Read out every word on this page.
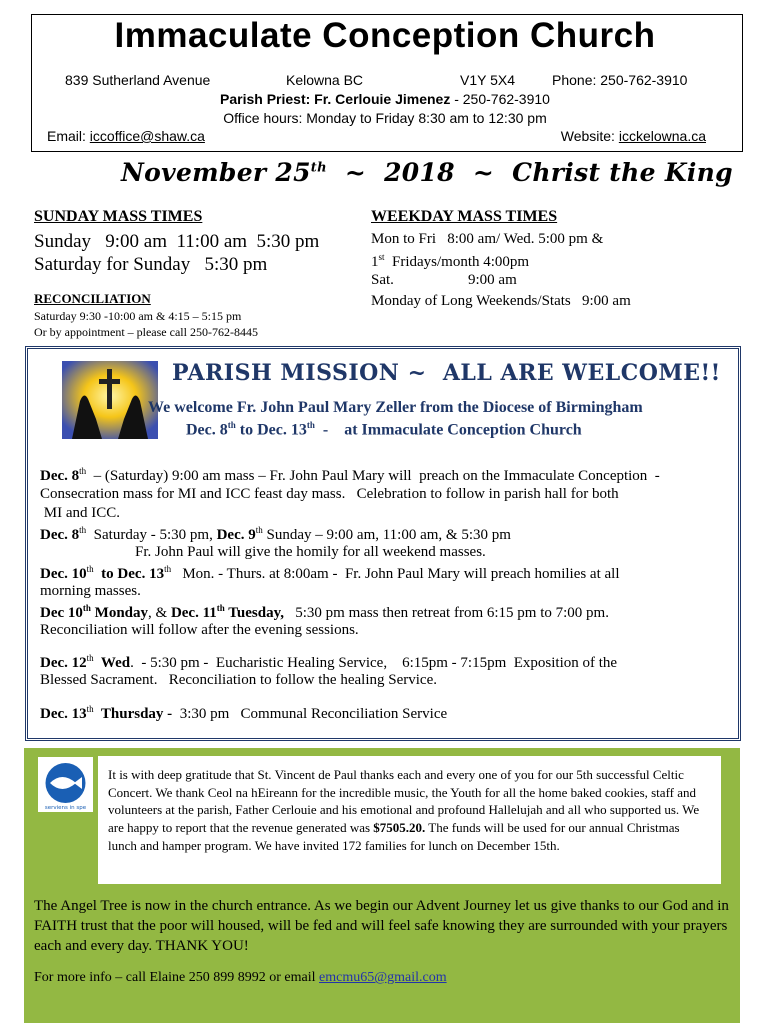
Immaculate Conception Church
839 Sutherland Avenue	Kelowna BC	V1Y 5X4	Phone: 250-762-3910
Parish Priest: Fr. Cerlouie Jimenez - 250-762-3910
Office hours: Monday to Friday 8:30 am to 12:30 pm
Email: iccoffice@shaw.ca	Website: icckelowna.ca
November 25th  ~  2018  ~  Christ the King
SUNDAY MASS TIMES
Sunday   9:00 am  11:00 am  5:30 pm
Saturday for Sunday   5:30 pm
RECONCILIATION
Saturday 9:30 -10:00 am & 4:15 – 5:15 pm
Or by appointment – please call 250-762-8445
WEEKDAY MASS TIMES
Mon to Fri   8:00 am/ Wed. 5:00 pm &
1st  Fridays/month 4:00pm
Sat.	9:00 am
Monday of Long Weekends/Stats   9:00 am
PARISH MISSION ~  ALL ARE WELCOME!!
We welcome Fr. John Paul Mary Zeller from the Diocese of Birmingham
Dec. 8th to Dec. 13th  -    at Immaculate Conception Church
Dec. 8th  – (Saturday) 9:00 am mass – Fr. John Paul Mary will  preach on the Immaculate Conception  -
Consecration mass for MI and ICC feast day mass.   Celebration to follow in parish hall for both
MI and ICC.
Dec. 8th  Saturday - 5:30 pm, Dec. 9th Sunday – 9:00 am, 11:00 am, & 5:30 pm
Fr. John Paul will give the homily for all weekend masses.
Dec. 10th  to Dec. 13th   Mon. - Thurs. at 8:00am -  Fr. John Paul Mary will preach homilies at all
morning masses.
Dec 10th Monday, & Dec. 11th Tuesday,   5:30 pm mass then retreat from 6:15 pm to 7:00 pm.
Reconciliation will follow after the evening sessions.
Dec. 12th  Wed.  - 5:30 pm -  Eucharistic Healing Service,    6:15pm - 7:15pm  Exposition of the
Blessed Sacrament.   Reconciliation to follow the healing Service.
Dec. 13th  Thursday -  3:30 pm   Communal Reconciliation Service
serviens in spe
It is with deep gratitude that St. Vincent de Paul thanks each and every one of you for our 5th successful Celtic Concert. We thank Ceol na hEireann for the incredible music, the Youth for all the home baked cookies, staff and volunteers at the parish, Father Cerlouie and his emotional and profound Hallelujah and all who supported us. We are happy to report that the revenue generated was $7505.20. The funds will be used for our annual Christmas lunch and hamper program. We have invited 172 families for lunch on December 15th.
The Angel Tree is now in the church entrance. As we begin our Advent Journey let us give thanks to our God and in FAITH trust that the poor will housed, will be fed and will feel safe knowing they are surrounded with your prayers each and every day. THANK YOU!
For more info – call Elaine 250 899 8992 or email emcmu65@gmail.com
